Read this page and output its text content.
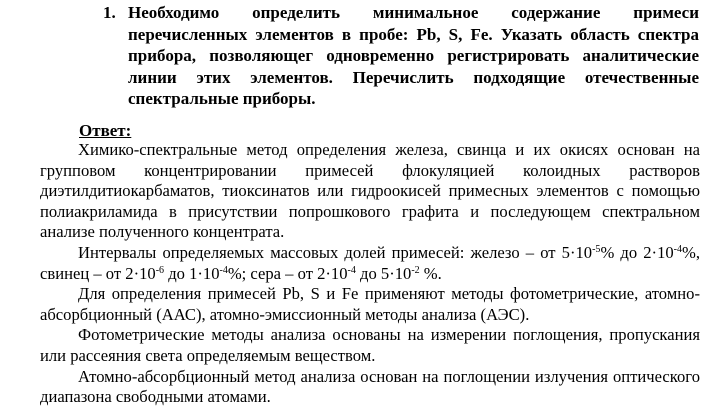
1. Необходимо определить минимальное содержание примеси перечисленных элементов в пробе: Pb, S, Fe. Указать область спектра прибора, позволяющег одновременно регистрировать аналитические линии этих элементов. Перечислить подходящие отечественные спектральные приборы.
Ответ:

Химико-спектральные метод определения железа, свинца и их окисях основан на групповом концентрировании примесей флокуляцией колоидных растворов диэтилдитиокарбаматов, тиоксинатов или гидроокисей примесных элементов с помощью полиакриламида в присутствии попрошкового графита и последующем спектральном анализе полученного концентрата.

Интервалы определяемых массовых долей примесей: железо – от $5\cdot 10^{-5}\%$ до $2\cdot 10^{-4}\%$, свинец – от $2\cdot 10^{-6}$ до $1\cdot 10^{-4}\%$; сера – от $2\cdot 10^{-4}$ до $5\cdot 10^{-2}$ %.

Для определения примесей Pb, S и Fe применяют методы фотометрические, атомно-абсорбционный (ААС), атомно-эмиссионный методы анализа (АЭС).

Фотометрические методы анализа основаны на измерении поглощения, пропускания или рассеяния света определяемым веществом.

Атомно-абсорбционный метод анализа основан на поглощении излучения оптического диапазона свободными атомами.
